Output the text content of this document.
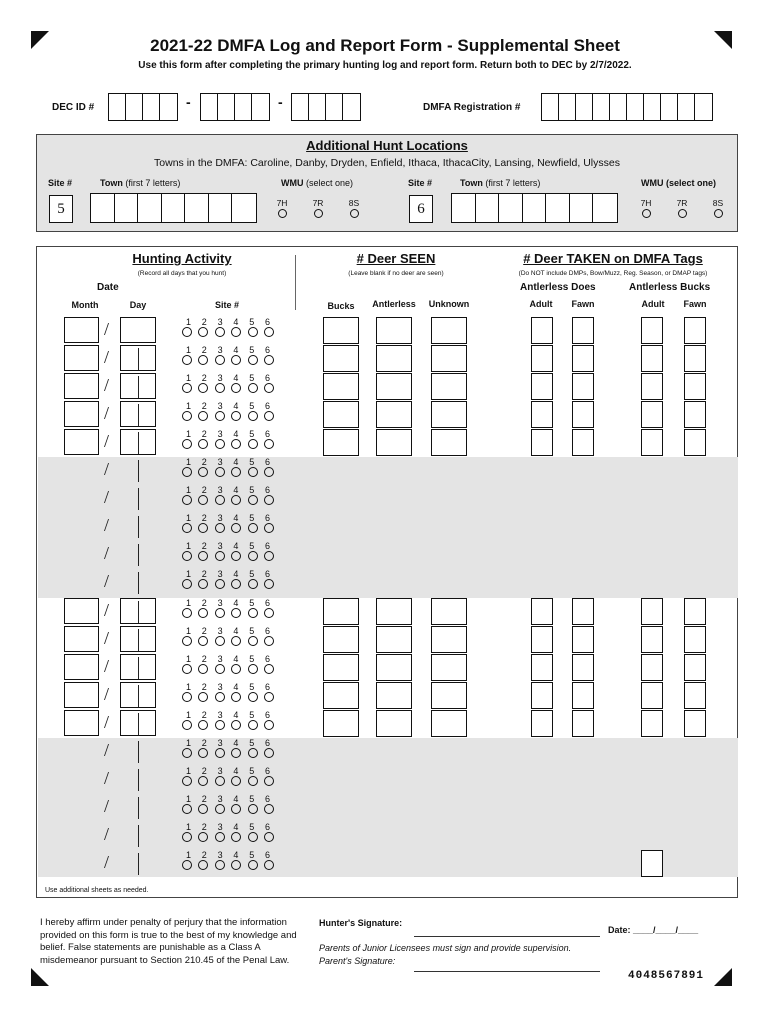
2021-22 DMFA Log and Report Form - Supplemental Sheet
Use this form after completing the primary hunting log and report form. Return both to DEC by 2/7/2022.
DEC ID #	-	-	DMFA Registration #
Additional Hunt Locations
Towns in the DMFA: Caroline, Danby, Dryden, Enfield, Ithaca, IthacaCity, Lansing, Newfield, Ulysses
Site #	Town (first 7 letters)	WMU (select one)	Site #	Town (first 7 letters)	WMU (select one)
5	7H	7R	8S	6	7H	7R	8S
Hunting Activity
(Record all days that you hunt)
Date
Month	Day	Site #
# Deer SEEN
(Leave blank if no deer are seen)
Bucks	Antlerless	Unknown
# Deer TAKEN on DMFA Tags
(Do NOT include DMPs, Bow/Muzz, Reg. Season, or DMAP tags)
Antlerless Does	Antlerless Bucks
Adult	Fawn	Adult	Fawn
/	1 2 3 4 5 6
/	1 2 3 4 5 6
/	1 2 3 4 5 6
/	1 2 3 4 5 6
/	1 2 3 4 5 6
/	1 2 3 4 5 6
/	1 2 3 4 5 6
/	1 2 3 4 5 6
/	1 2 3 4 5 6
/	1 2 3 4 5 6
/	1 2 3 4 5 6
/	1 2 3 4 5 6
/	1 2 3 4 5 6
/	1 2 3 4 5 6
/	1 2 3 4 5 6
/	1 2 3 4 5 6
/	1 2 3 4 5 6
/	1 2 3 4 5 6
/	1 2 3 4 5 6
/	1 2 3 4 5 6
Use additional sheets as needed.
I hereby affirm under penalty of perjury that the information provided on this form is true to the best of my knowledge and belief. False statements are punishable as a Class A misdemeanor pursuant to Section 210.45 of the Penal Law.
Hunter's Signature:
Date: ____/____/____
Parents of Junior Licensees must sign and provide supervision.
Parent's Signature:
4048567891
